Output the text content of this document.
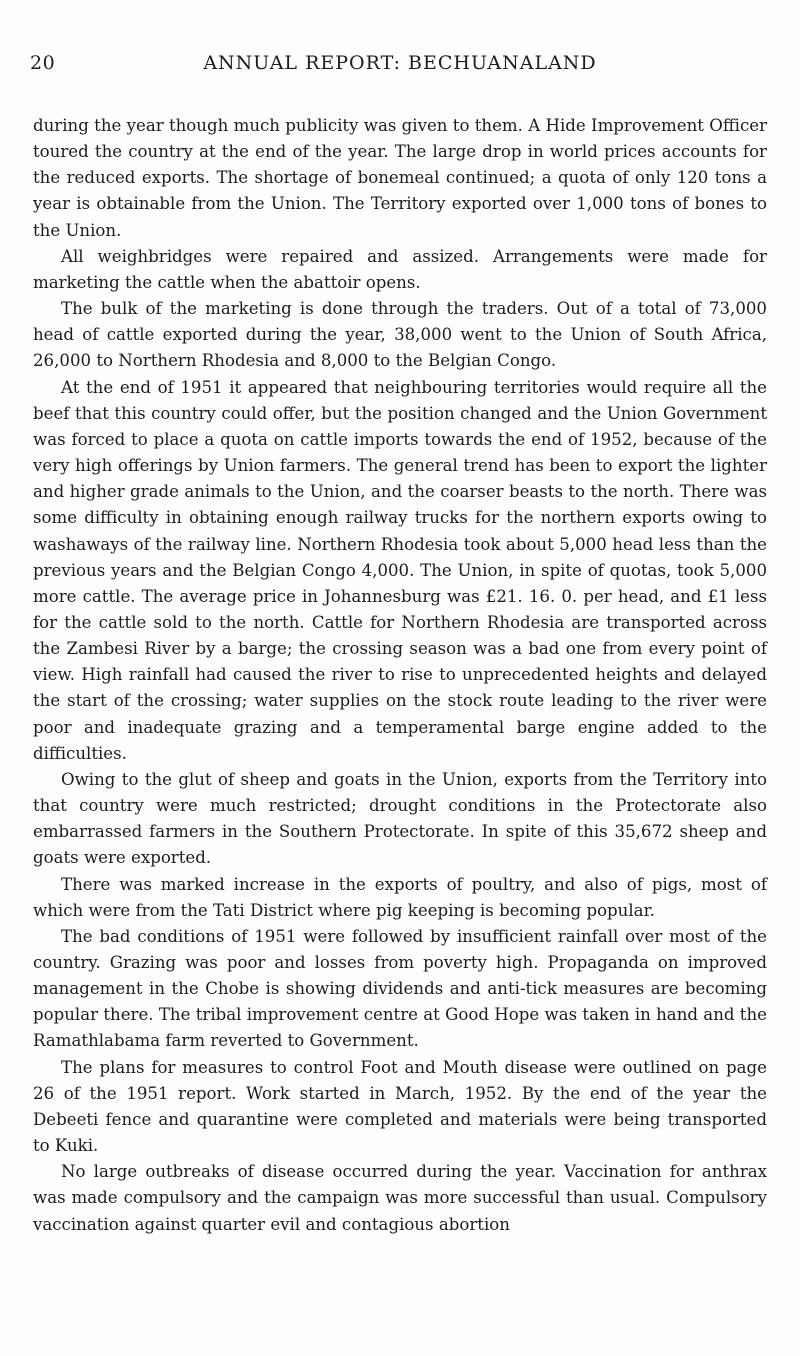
20	ANNUAL REPORT: BECHUANALAND

during the year though much publicity was given to them. A Hide Improvement Officer toured the country at the end of the year. The large drop in world prices accounts for the reduced exports. The shortage of bonemeal continued; a quota of only 120 tons a year is obtainable from the Union. The Territory exported over 1,000 tons of bones to the Union.

All weighbridges were repaired and assized. Arrangements were made for marketing the cattle when the abattoir opens.

The bulk of the marketing is done through the traders. Out of a total of 73,000 head of cattle exported during the year, 38,000 went to the Union of South Africa, 26,000 to Northern Rhodesia and 8,000 to the Belgian Congo.

At the end of 1951 it appeared that neighbouring territories would require all the beef that this country could offer, but the position changed and the Union Government was forced to place a quota on cattle imports towards the end of 1952, because of the very high offerings by Union farmers. The general trend has been to export the lighter and higher grade animals to the Union, and the coarser beasts to the north. There was some difficulty in obtaining enough railway trucks for the northern exports owing to washaways of the railway line. Northern Rhodesia took about 5,000 head less than the previous years and the Belgian Congo 4,000. The Union, in spite of quotas, took 5,000 more cattle. The average price in Johannesburg was £21. 16. 0. per head, and £1 less for the cattle sold to the north. Cattle for Northern Rhodesia are transported across the Zambesi River by a barge; the crossing season was a bad one from every point of view. High rainfall had caused the river to rise to unprecedented heights and delayed the start of the crossing; water supplies on the stock route leading to the river were poor and inadequate grazing and a temperamental barge engine added to the difficulties.

Owing to the glut of sheep and goats in the Union, exports from the Territory into that country were much restricted; drought conditions in the Protectorate also embarrassed farmers in the Southern Protectorate. In spite of this 35,672 sheep and goats were exported.

There was marked increase in the exports of poultry, and also of pigs, most of which were from the Tati District where pig keeping is becoming popular.

The bad conditions of 1951 were followed by insufficient rainfall over most of the country. Grazing was poor and losses from poverty high. Propaganda on improved management in the Chobe is showing dividends and anti-tick measures are becoming popular there. The tribal improvement centre at Good Hope was taken in hand and the Ramathlabama farm reverted to Government.

The plans for measures to control Foot and Mouth disease were outlined on page 26 of the 1951 report. Work started in March, 1952. By the end of the year the Debeeti fence and quarantine were completed and materials were being transported to Kuki.

No large outbreaks of disease occurred during the year. Vaccination for anthrax was made compulsory and the campaign was more successful than usual. Compulsory vaccination against quarter evil and contagious abortion
